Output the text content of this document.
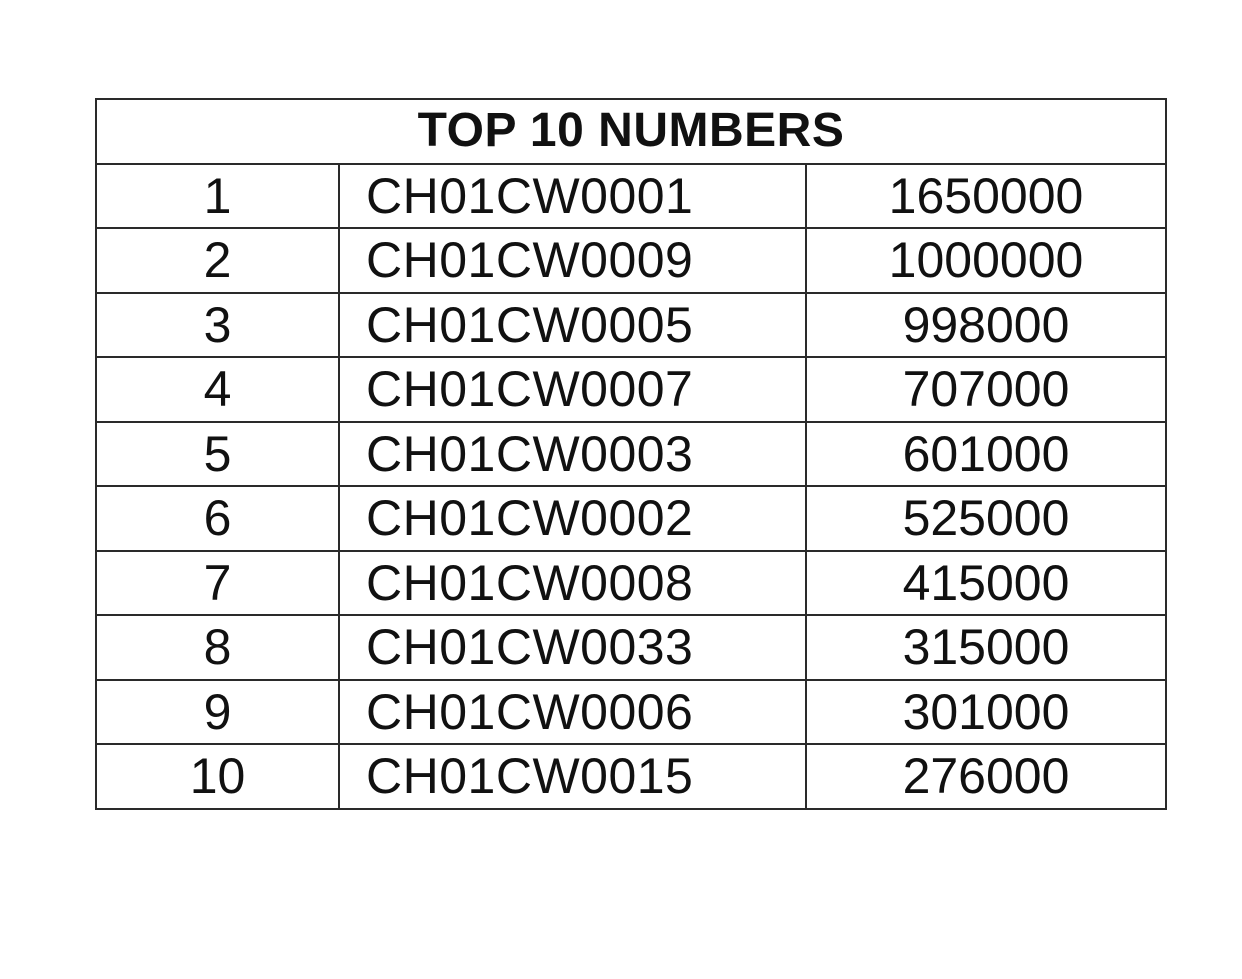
TOP 10 NUMBERS		
1	CH01CW0001	1650000
2	CH01CW0009	1000000
3	CH01CW0005	998000
4	CH01CW0007	707000
5	CH01CW0003	601000
6	CH01CW0002	525000
7	CH01CW0008	415000
8	CH01CW0033	315000
9	CH01CW0006	301000
10	CH01CW0015	276000
